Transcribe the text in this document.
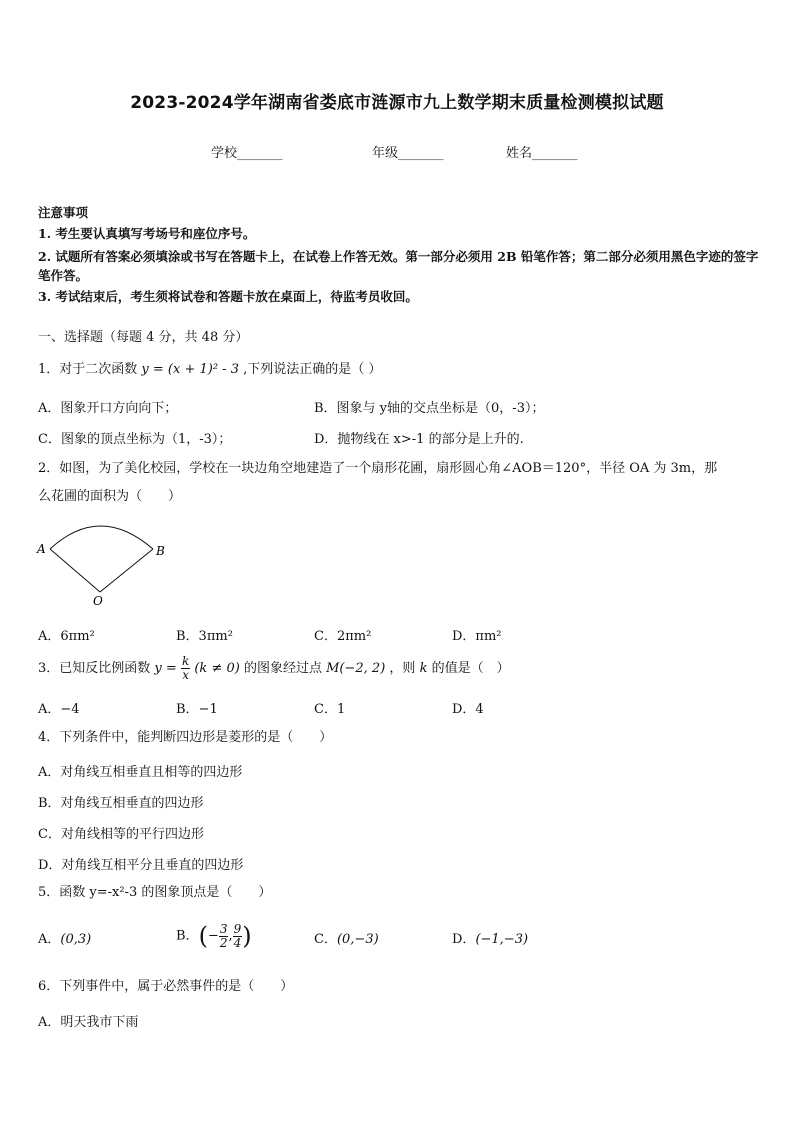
2023-2024学年湖南省娄底市涟源市九上数学期末质量检测模拟试题
学校_______	年级_______	姓名_______
注意事项
1. 考生要认真填写考场号和座位序号。
2. 试题所有答案必须填涂或书写在答题卡上，在试卷上作答无效。第一部分必须用 2B 铅笔作答；第二部分必须用黑色字迹的签字笔作答。
3. 考试结束后，考生须将试卷和答题卡放在桌面上，待监考员收回。
一、选择题（每题 4 分，共 48 分）
1．对于二次函数 y = (x + 1)² - 3 ,下列说法正确的是（ ）
A．图象开口方向向下；	B．图象与 y轴的交点坐标是（0，-3）；
C．图象的顶点坐标为（1，-3）；	D．抛物线在 x>-1 的部分是上升的.
2．如图，为了美化校园，学校在一块边角空地建造了一个扇形花圃，扇形圆心角∠AOB＝120°，半径 OA 为 3m，那
么花圃的面积为（　　）
A	B
O
A．6πm²	B．3πm²	C．2πm²	D．πm²
3．已知反比例函数 $y = \frac{k}{x} (k \ne 0)$ 的图象经过点 M(−2, 2) ，则 k 的值是（　）
A．−4	B．−1	C．1	D．4
4．下列条件中，能判断四边形是菱形的是（　　）
A．对角线互相垂直且相等的四边形
B．对角线互相垂直的四边形
C．对角线相等的平行四边形
D．对角线互相平分且垂直的四边形
5．函数 y=-x²-3 的图象顶点是（　　）
A．(0,3)	B．(− $\frac{3}{2}$ , $\frac{9}{4}$ )	C．(0,−3)	D．(−1,−3)
6．下列事件中，属于必然事件的是（　　）
A．明天我市下雨
